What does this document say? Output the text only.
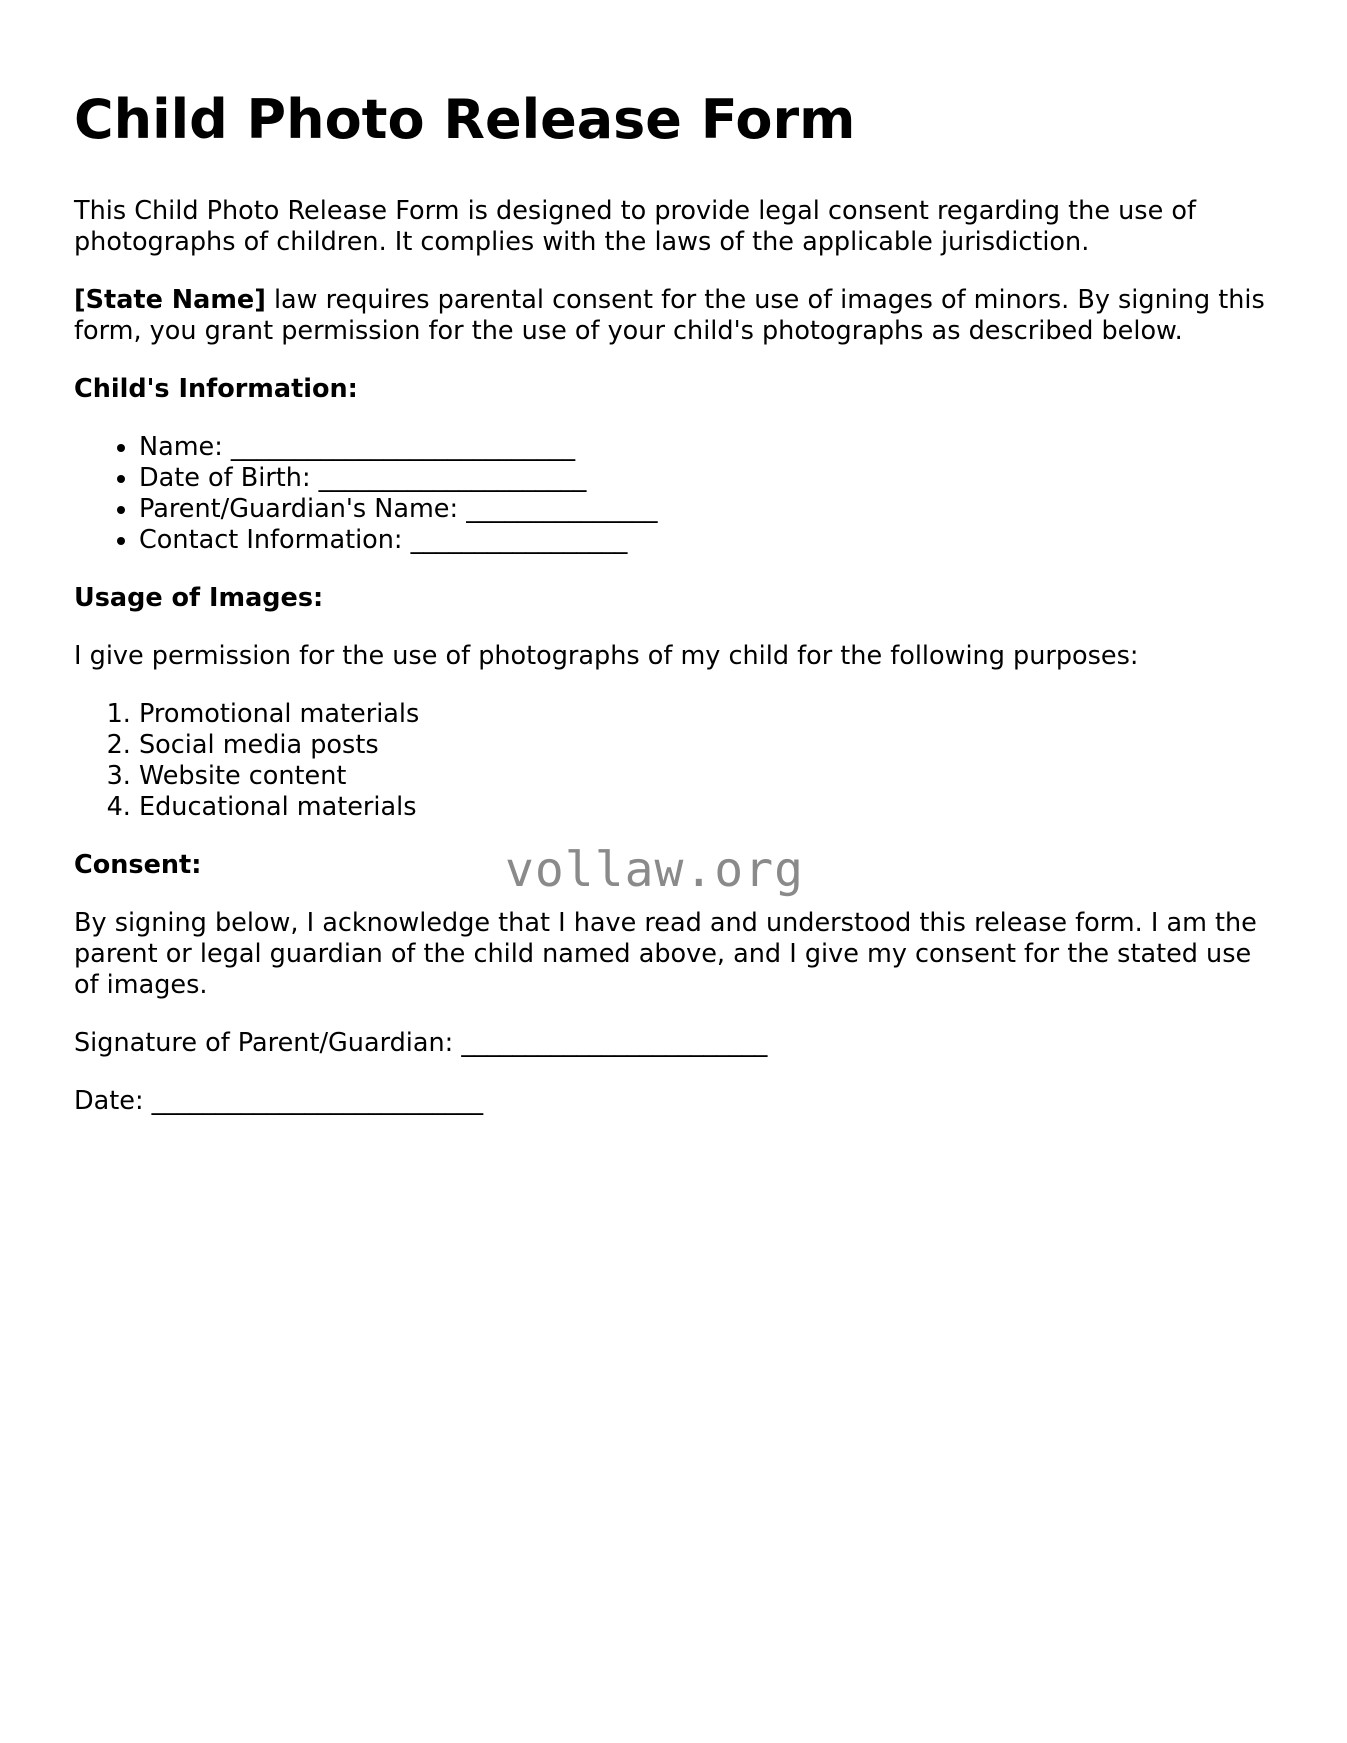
Child Photo Release Form

This Child Photo Release Form is designed to provide legal consent regarding the use of photographs of children. It complies with the laws of the applicable jurisdiction.

[State Name] law requires parental consent for the use of images of minors. By signing this form, you grant permission for the use of your child's photographs as described below.

Child's Information:
• Name: ___________________________
• Date of Birth: _____________________
• Parent/Guardian's Name: _______________
• Contact Information: _________________
Usage of Images:

I give permission for the use of photographs of my child for the following purposes:

1. Promotional materials
2. Social media posts
3. Website content
4. Educational materials
Consent:

By signing below, I acknowledge that I have read and understood this release form. I am the parent or legal guardian of the child named above, and I give my consent for the stated use of images.

Signature of Parent/Guardian: ________________________

Date: __________________________

vollaw.org
